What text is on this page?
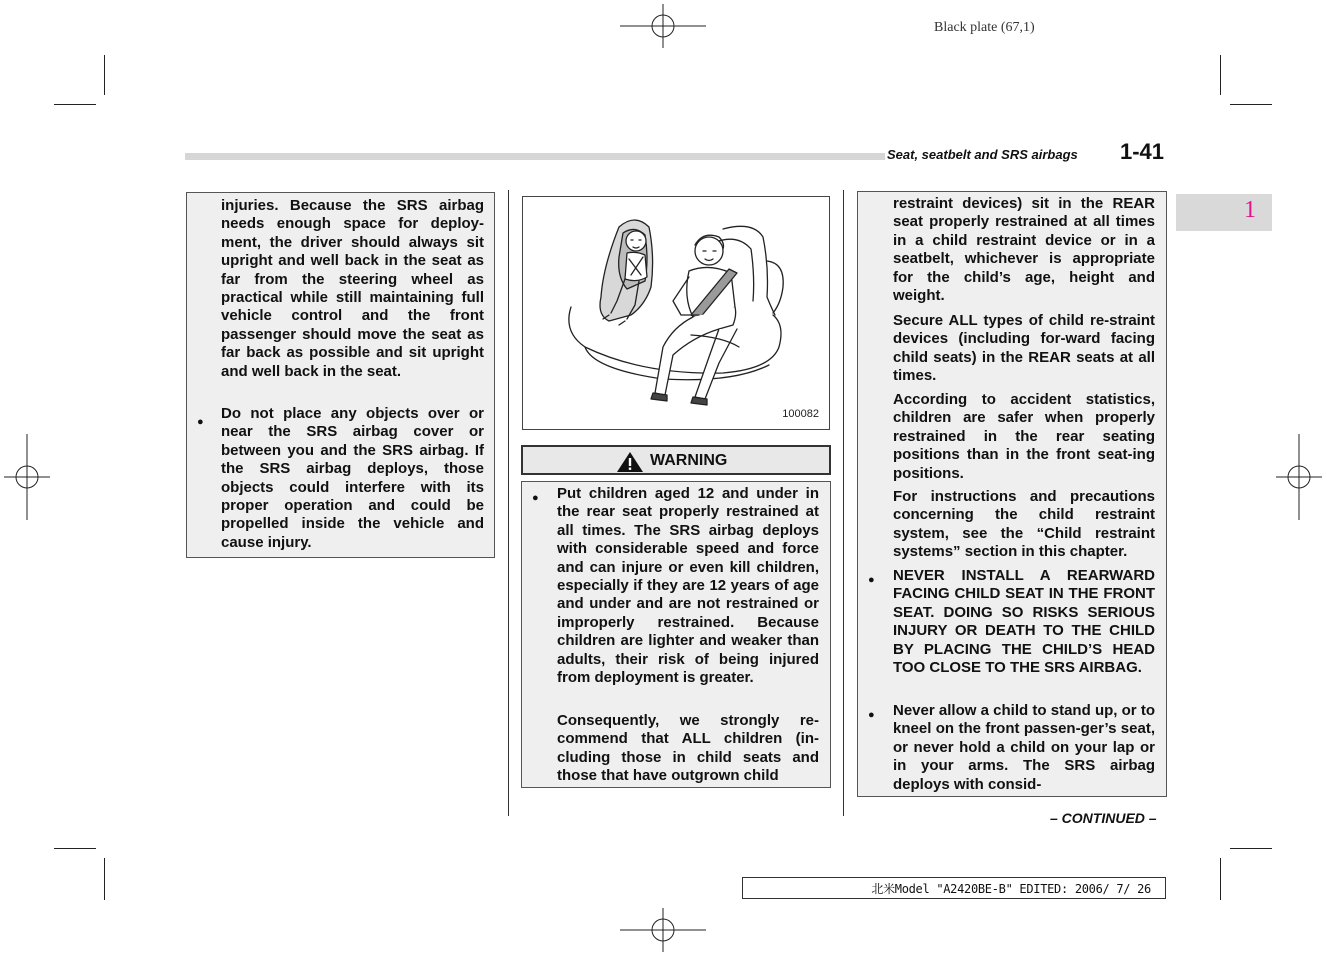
Black plate (67,1)
Seat, seatbelt and SRS airbags 1-41
1

injuries. Because the SRS airbag needs enough space for deploy-ment, the driver should always sit upright and well back in the seat as far from the steering wheel as practical while still maintaining full vehicle control and the front passenger should move the seat as far back as possible and sit upright and well back in the seat.

● Do not place any objects over or near the SRS airbag cover or between you and the SRS airbag. If the SRS airbag deploys, those objects could interfere with its proper operation and could be propelled inside the vehicle and cause injury.

100082
WARNING
● Put children aged 12 and under in the rear seat properly restrained at all times. The SRS airbag deploys with considerable speed and force and can injure or even kill children, especially if they are 12 years of age and under and are not restrained or improperly restrained. Because children are lighter and weaker than adults, their risk of being injured from deployment is greater.

Consequently, we strongly re-commend that ALL children (in-cluding those in child seats and those that have outgrown child

restraint devices) sit in the REAR seat properly restrained at all times in a child restraint device or in a seatbelt, whichever is appropriate for the child’s age, height and weight.

Secure ALL types of child re-straint devices (including for-ward facing child seats) in the REAR seats at all times.

According to accident statistics, children are safer when properly restrained in the rear seating positions than in the front seat-ing positions.

For instructions and precautions concerning the child restraint system, see the “Child restraint systems” section in this chapter.

● NEVER INSTALL A REARWARD FACING CHILD SEAT IN THE FRONT SEAT. DOING SO RISKS SERIOUS INJURY OR DEATH TO THE CHILD BY PLACING THE CHILD’S HEAD TOO CLOSE TO THE SRS AIRBAG.

● Never allow a child to stand up, or to kneel on the front passen-ger’s seat, or never hold a child on your lap or in your arms. The SRS airbag deploys with consid-

– CONTINUED –
北米Model "A2420BE-B" EDITED: 2006/ 7/ 26
